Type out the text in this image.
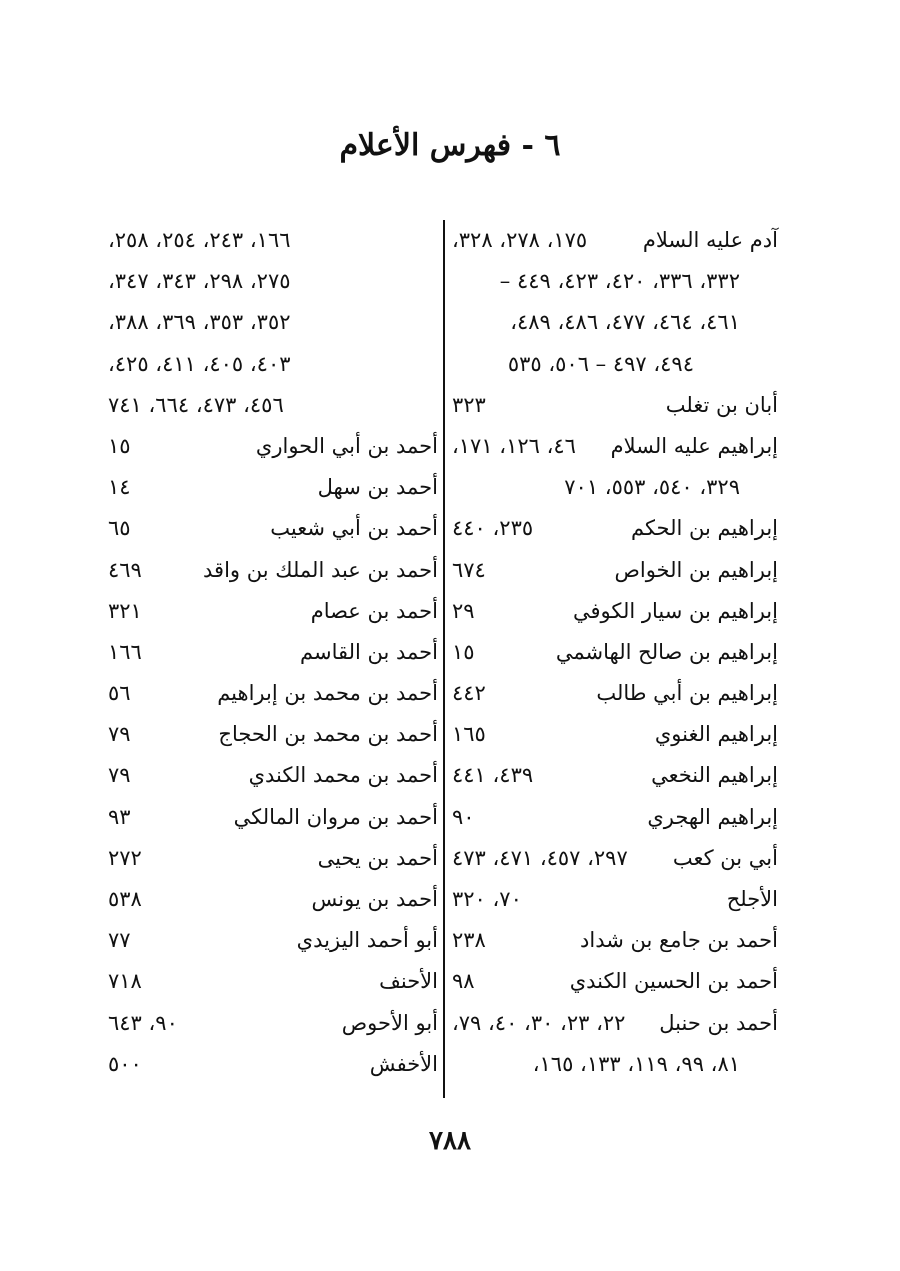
٦ - فهرس الأعلام
آدم عليه السلام
١٧٥، ٢٧٨، ٣٢٨،
٣٣٢، ٣٣٦، ٤٢٠، ٤٢٣، ٤٤٩ –
٤٦١، ٤٦٤، ٤٧٧، ٤٨٦، ٤٨٩،
٤٩٤، ٤٩٧ – ٥٠٦، ٥٣٥
أبان بن تغلب
٣٢٣
إبراهيم عليه السلام
٤٦، ١٢٦، ١٧١،
٣٢٩، ٥٤٠، ٥٥٣، ٧٠١
إبراهيم بن الحكم
٢٣٥، ٤٤٠
إبراهيم بن الخواص
٦٧٤
إبراهيم بن سيار الكوفي
٢٩
إبراهيم بن صالح الهاشمي
١٥
إبراهيم بن أبي طالب
٤٤٢
إبراهيم الغنوي
١٦٥
إبراهيم النخعي
٤٣٩، ٤٤١
إبراهيم الهجري
٩٠
أبي بن كعب
٢٩٧، ٤٥٧، ٤٧١، ٤٧٣
الأجلح
٧٠، ٣٢٠
أحمد بن جامع بن شداد
٢٣٨
أحمد بن الحسين الكندي
٩٨
أحمد بن حنبل
٢٢، ٢٣، ٣٠، ٤٠، ٧٩،
٨١، ٩٩، ١١٩، ١٣٣، ١٦٥،
١٦٦، ٢٤٣، ٢٥٤، ٢٥٨،
٢٧٥، ٢٩٨، ٣٤٣، ٣٤٧،
٣٥٢، ٣٥٣، ٣٦٩، ٣٨٨،
٤٠٣، ٤٠٥، ٤١١، ٤٢٥،
٤٥٦، ٤٧٣، ٦٦٤، ٧٤١
أحمد بن أبي الحواري
١٥
أحمد بن سهل
١٤
أحمد بن أبي شعيب
٦٥
أحمد بن عبد الملك بن واقد
٤٦٩
أحمد بن عصام
٣٢١
أحمد بن القاسم
١٦٦
أحمد بن محمد بن إبراهيم
٥٦
أحمد بن محمد بن الحجاج
٧٩
أحمد بن محمد الكندي
٧٩
أحمد بن مروان المالكي
٩٣
أحمد بن يحيى
٢٧٢
أحمد بن يونس
٥٣٨
أبو أحمد اليزيدي
٧٧
الأحنف
٧١٨
أبو الأحوص
٩٠، ٦٤٣
الأخفش
٥٠٠
٧٨٨
